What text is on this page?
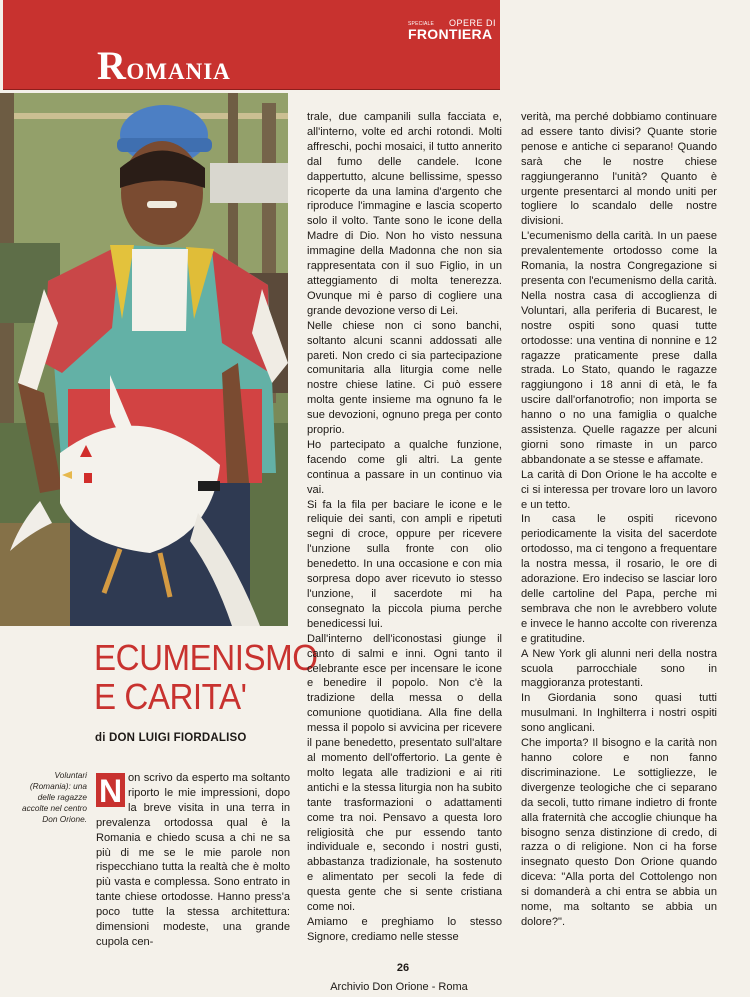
ROMANIA
SPECIALE OPERE DI
FRONTIERA
ECUMENISMO
E CARITA'

di DON LUIGI FIORDALISO

Voluntari (Romania): una delle ragazze accolte nel centro Don Orione.

N on scrivo da esperto ma soltanto riporto le mie impressioni, dopo la breve visita in una terra in prevalenza ortodossa qual è la Romania e chiedo scusa a chi ne sa più di me se le mie parole non rispecchiano tutta la realtà che è molto più vasta e complessa. Sono entrato in tante chiese ortodosse. Hanno press'a poco tutte la stessa architettura: dimensioni modeste, una grande cupola cen-

trale, due campanili sulla facciata e, all'interno, volte ed archi rotondi. Molti affreschi, pochi mosaici, il tutto annerito dal fumo delle candele. Icone dappertutto, alcune bellissime, spesso ricoperte da una lamina d'argento che riproduce l'immagine e lascia scoperto solo il volto. Tante sono le icone della Madre di Dio. Non ho visto nessuna immagine della Madonna che non sia rappresentata con il suo Figlio, in un atteggiamento di molta tenerezza. Ovunque mi è parso di cogliere una grande devozione verso di Lei.

Nelle chiese non ci sono banchi, soltanto alcuni scanni addossati alle pareti. Non credo ci sia partecipazione comunitaria alla liturgia come nelle nostre chiese latine. Ci può essere molta gente insieme ma ognuno fa le sue devozioni, ognuno prega per conto proprio.

Ho partecipato a qualche funzione, facendo come gli altri. La gente continua a passare in un continuo via vai.

Si fa la fila per baciare le icone e le reliquie dei santi, con ampli e ripetuti segni di croce, oppure per ricevere l'unzione sulla fronte con olio benedetto. In una occasione e con mia sorpresa dopo aver ricevuto io stesso l'unzione, il sacerdote mi ha consegnato la piccola piuma perche benedicessi lui.

Dall'interno dell'iconostasi giunge il canto di salmi e inni. Ogni tanto il celebrante esce per incensare le icone e benedire il popolo. Non c'è la tradizione della messa o della comunione quotidiana. Alla fine della messa il popolo si avvicina per ricevere il pane benedetto, presentato sull'altare al momento dell'offertorio. La gente è molto legata alle tradizioni e ai riti antichi e la stessa liturgia non ha subito tante trasformazioni o adattamenti come tra noi. Pensavo a questa loro religiosità che pur essendo tanto individuale e, secondo i nostri gusti, abbastanza tradizionale, ha sostenuto e alimentato per secoli la fede di questa gente che si sente cristiana come noi.

Amiamo e preghiamo lo stesso Signore, crediamo nelle stesse

verità, ma perché dobbiamo continuare ad essere tanto divisi? Quante storie penose e antiche ci separano! Quando sarà che le nostre chiese raggiungeranno l'unità? Quanto è urgente presentarci al mondo uniti per togliere lo scandalo delle nostre divisioni.

L'ecumenismo della carità. In un paese prevalentemente ortodosso come la Romania, la nostra Congregazione si presenta con l'ecumenismo della carità. Nella nostra casa di accoglienza di Voluntari, alla periferia di Bucarest, le nostre ospiti sono quasi tutte ortodosse: una ventina di nonnine e 12 ragazze praticamente prese dalla strada. Lo Stato, quando le ragazze raggiungono i 18 anni di età, le fa uscire dall'orfanotrofio; non importa se hanno o no una famiglia o qualche assistenza. Quelle ragazze per alcuni giorni sono rimaste in un parco abbandonate a se stesse e affamate.

La carità di Don Orione le ha accolte e ci si interessa per trovare loro un lavoro e un tetto.

In casa le ospiti ricevono periodicamente la visita del sacerdote ortodosso, ma ci tengono a frequentare la nostra messa, il rosario, le ore di adorazione. Ero indeciso se lasciar loro delle cartoline del Papa, perche mi sembrava che non le avrebbero volute e invece le hanno accolte con riverenza e gratitudine.

A New York gli alunni neri della nostra scuola parrocchiale sono in maggioranza protestanti.

In Giordania sono quasi tutti musulmani. In Inghilterra i nostri ospiti sono anglicani.

Che importa? Il bisogno e la carità non hanno colore e non fanno discriminazione. Le sottigliezze, le divergenze teologiche che ci separano da secoli, tutto rimane indietro di fronte alla fraternità che accoglie chiunque ha bisogno senza distinzione di credo, di razza o di religione. Non ci ha forse insegnato questo Don Orione quando diceva: "Alla porta del Cottolengo non si domanderà a chi entra se abbia un nome, ma soltanto se abbia un dolore?".

26

Archivio Don Orione - Roma
